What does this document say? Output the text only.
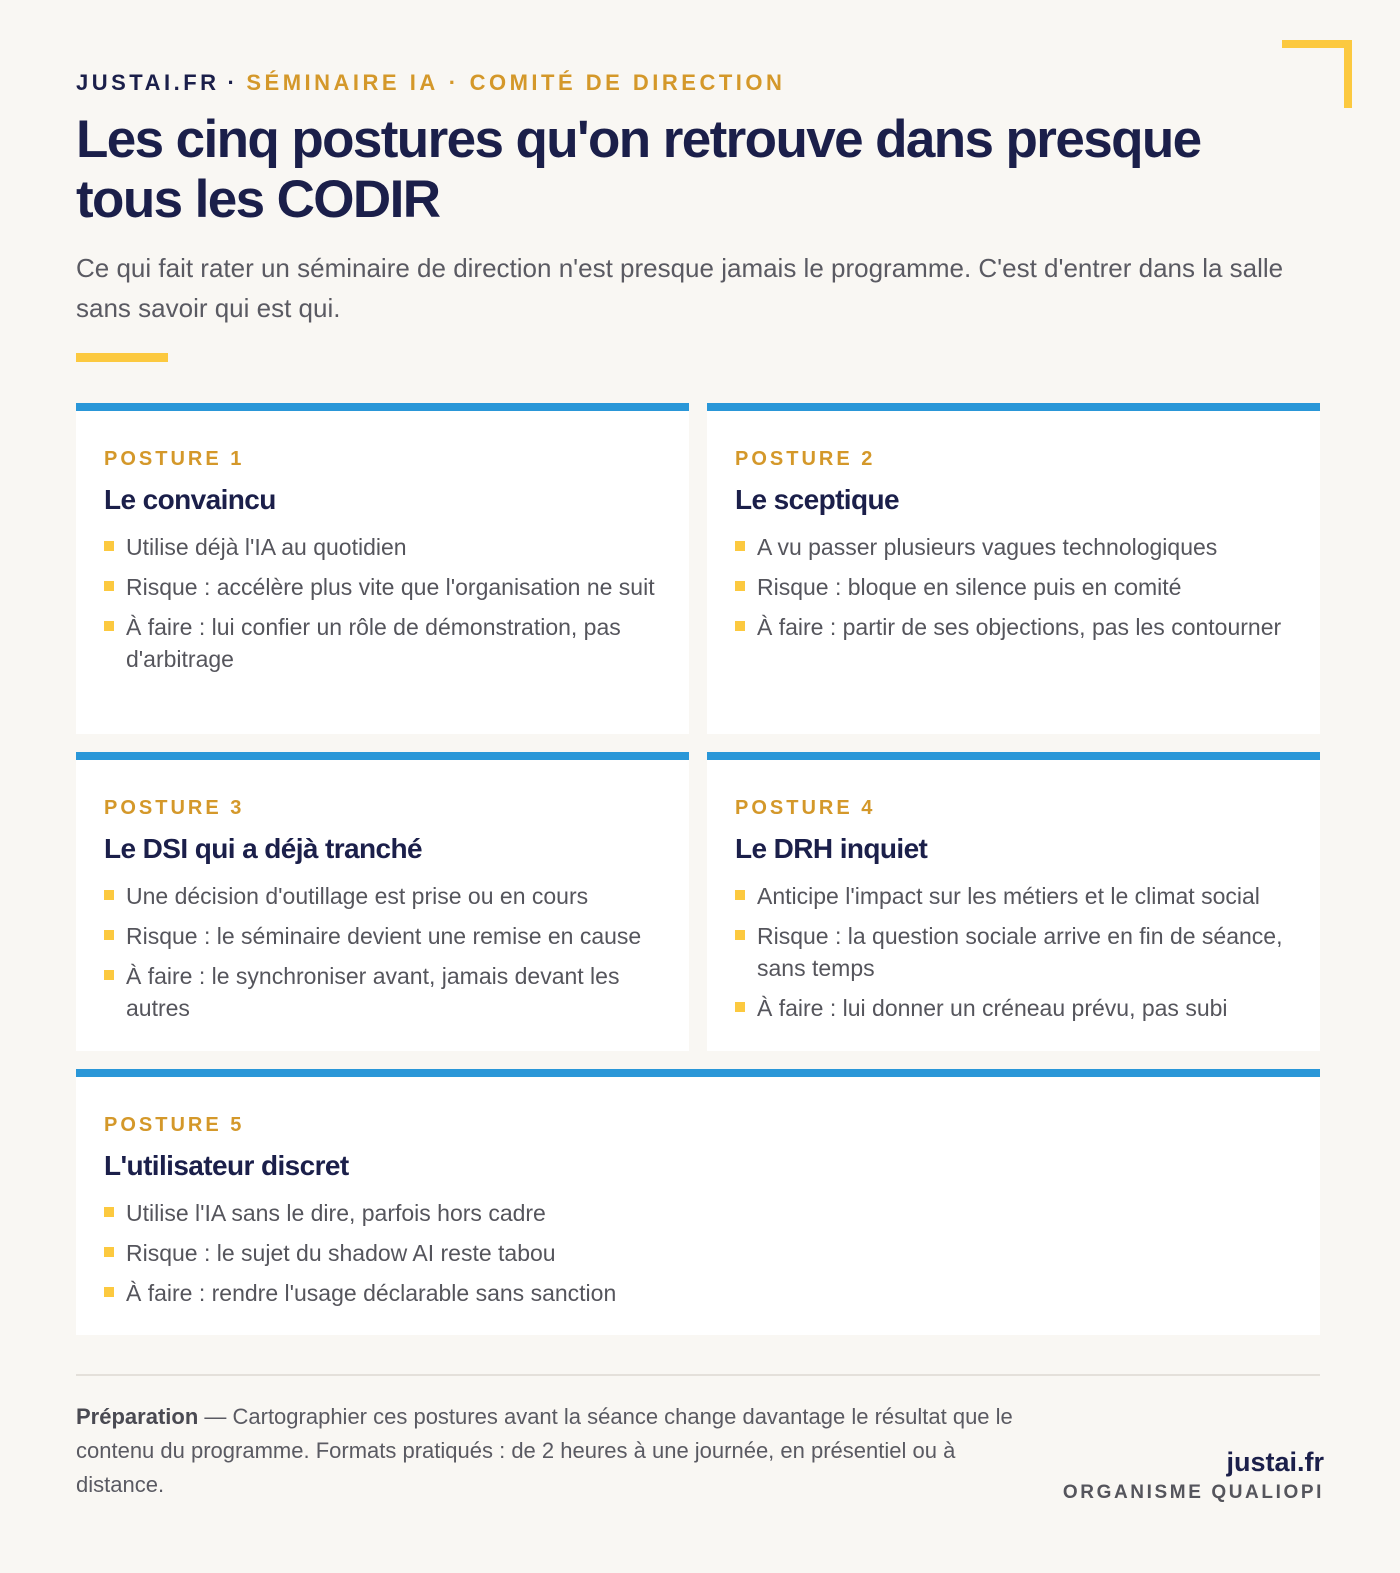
JUSTAI.FR · SÉMINAIRE IA · COMITÉ DE DIRECTION
Les cinq postures qu'on retrouve dans presque tous les CODIR

Ce qui fait rater un séminaire de direction n'est presque jamais le programme. C'est d'entrer dans la salle sans savoir qui est qui.

POSTURE 1
Le convaincu
Utilise déjà l'IA au quotidien
Risque : accélère plus vite que l'organisation ne suit
À faire : lui confier un rôle de démonstration, pas d'arbitrage
POSTURE 2
Le sceptique
A vu passer plusieurs vagues technologiques
Risque : bloque en silence puis en comité
À faire : partir de ses objections, pas les contourner
POSTURE 3
Le DSI qui a déjà tranché
Une décision d'outillage est prise ou en cours
Risque : le séminaire devient une remise en cause
À faire : le synchroniser avant, jamais devant les autres
POSTURE 4
Le DRH inquiet
Anticipe l'impact sur les métiers et le climat social
Risque : la question sociale arrive en fin de séance, sans temps
À faire : lui donner un créneau prévu, pas subi
POSTURE 5
L'utilisateur discret
Utilise l'IA sans le dire, parfois hors cadre
Risque : le sujet du shadow AI reste tabou
À faire : rendre l'usage déclarable sans sanction

Préparation — Cartographier ces postures avant la séance change davantage le résultat que le contenu du programme. Formats pratiqués : de 2 heures à une journée, en présentiel ou à distance.

justai.fr
ORGANISME QUALIOPI
